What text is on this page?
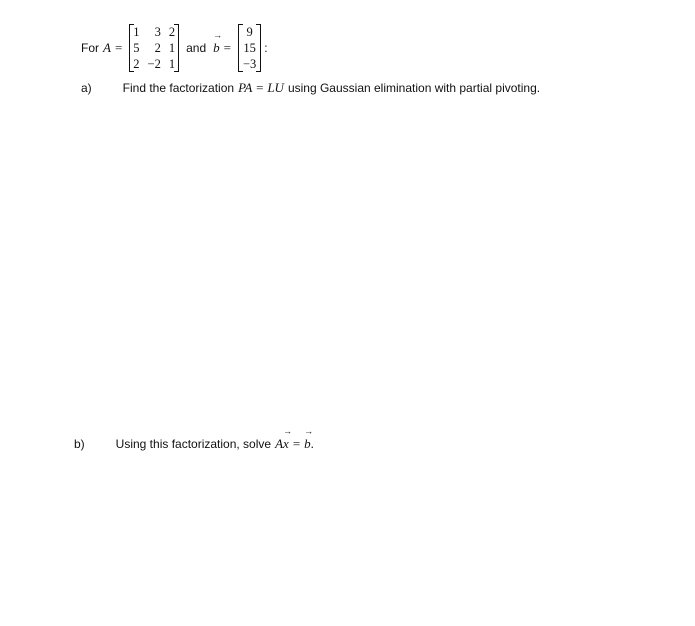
For A =
1	3	2
5	2	1
2	−2	1
and
→
b =
9
15
−3
:
a)	Find the factorization PA = LU using Gaussian elimination with partial pivoting.
b)	Using this factorization, solve A
→
x =
→
b .
